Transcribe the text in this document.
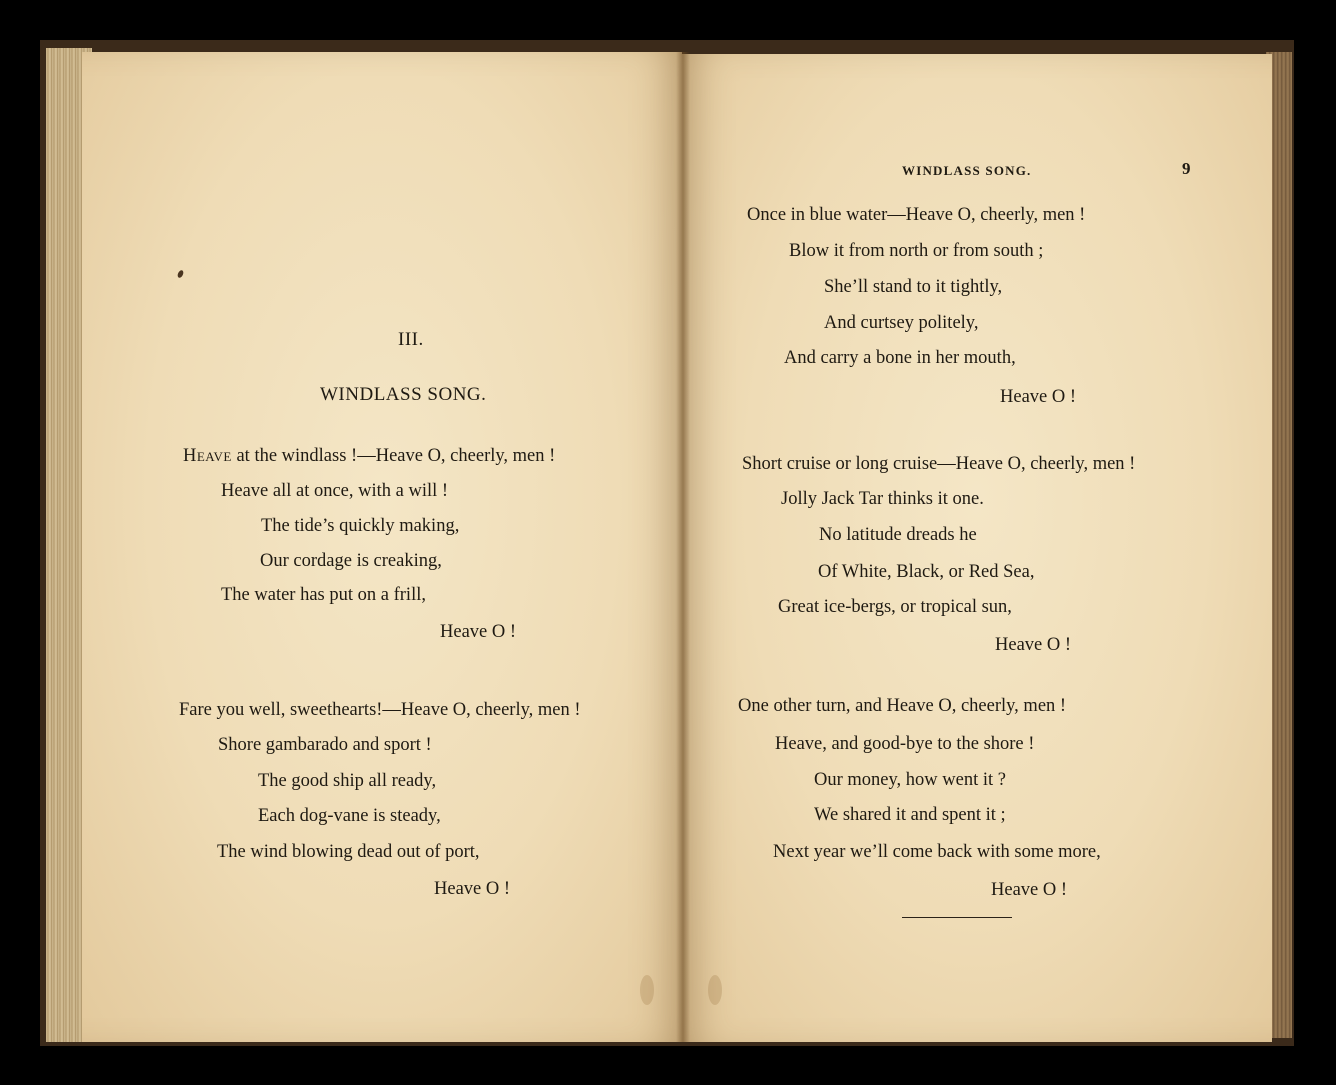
III.
WINDLASS SONG.
Heave at the windlass !—Heave O, cheerly, men !
Heave all at once, with a will !
The tide’s quickly making,
Our cordage is creaking,
The water has put on a frill,
Heave O !
Fare you well, sweethearts!—Heave O, cheerly, men !
Shore gambarado and sport !
The good ship all ready,
Each dog-vane is steady,
The wind blowing dead out of port,
Heave O !
WINDLASS SONG.	9
Once in blue water—Heave O, cheerly, men !
Blow it from north or from south ;
She’ll stand to it tightly,
And curtsey politely,
And carry a bone in her mouth,
Heave O !
Short cruise or long cruise—Heave O, cheerly, men !
Jolly Jack Tar thinks it one.
No latitude dreads he
Of White, Black, or Red Sea,
Great ice-bergs, or tropical sun,
Heave O !
One other turn, and Heave O, cheerly, men !
Heave, and good-bye to the shore !
Our money, how went it ?
We shared it and spent it ;
Next year we’ll come back with some more,
Heave O !
